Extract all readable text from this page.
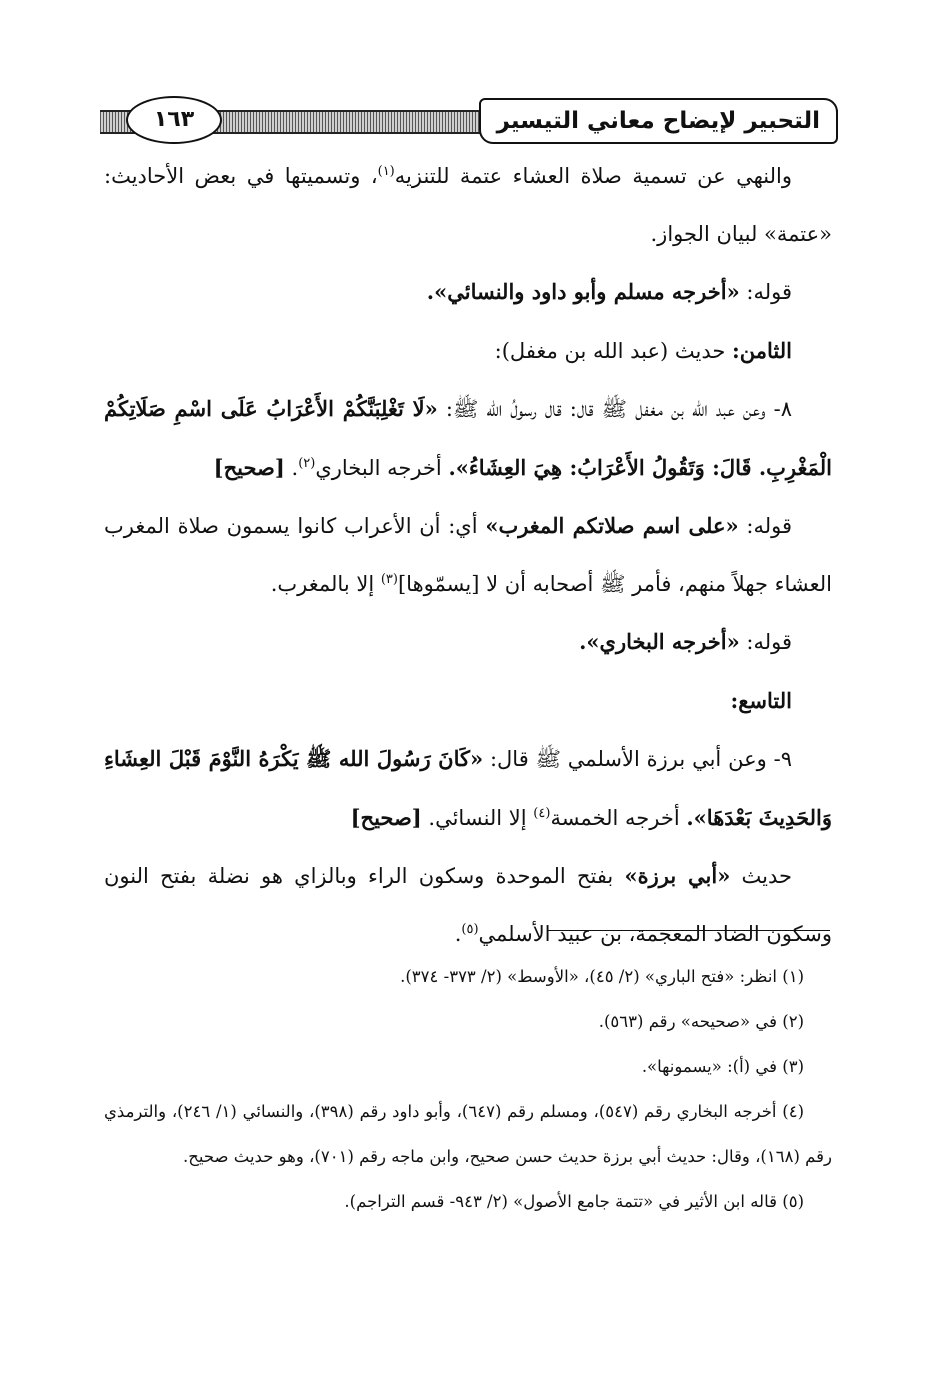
التحبير لإيضاح معاني التيسير
١٦٣

والنهي عن تسمية صلاة العشاء عتمة للتنزيه$^{(١)}$، وتسميتها في بعض الأحاديث: «عتمة» لبيان الجواز.

قوله: «أخرجه مسلم وأبو داود والنسائي».

الثامن: حديث (عبد الله بن مغفل):

٨- وعن عبد الله بن مغفل ﷺ قال: قال رسولُ الله ﷺ: «لَا تَغْلِبَنَّكُمْ الأَعْرَابُ عَلَى اسْمِ صَلَاتِكُمْ الْمَغْرِبِ. قَالَ: وَتَقُولُ الأَعْرَابُ: هِيَ العِشَاءُ». أخرجه البخاري$^{(٢)}$. [صحيح]

قوله: «على اسم صلاتكم المغرب» أي: أن الأعراب كانوا يسمون صلاة المغرب العشاء جهلاً منهم، فأمر ﷺ أصحابه أن لا [يسمّوها]$^{(٣)}$ إلا بالمغرب.

قوله: «أخرجه البخاري».

التاسع:

٩- وعن أبي برزة الأسلمي ﷺ قال: «كَانَ رَسُولَ الله ﷺ يَكْرَهُ النَّوْمَ قَبْلَ العِشَاءِ وَالحَدِيثَ بَعْدَهَا». أخرجه الخمسة$^{(٤)}$ إلا النسائي. [صحيح]

حديث «أبي برزة» بفتح الموحدة وسكون الراء وبالزاي هو نضلة بفتح النون وسكون الضاد المعجمة، بن عبيد الأسلمي$^{(٥)}$.

(١) انظر: «فتح الباري» (٢/ ٤٥)، «الأوسط» (٢/ ٣٧٣- ٣٧٤).

(٢) في «صحيحه» رقم (٥٦٣).

(٣) في (أ): «يسمونها».

(٤) أخرجه البخاري رقم (٥٤٧)، ومسلم رقم (٦٤٧)، وأبو داود رقم (٣٩٨)، والنسائي (١/ ٢٤٦)، والترمذي رقم (١٦٨)، وقال: حديث أبي برزة حديث حسن صحيح، وابن ماجه رقم (٧٠١)، وهو حديث صحيح.

(٥) قاله ابن الأثير في «تتمة جامع الأصول» (٢/ ٩٤٣- قسم التراجم).
